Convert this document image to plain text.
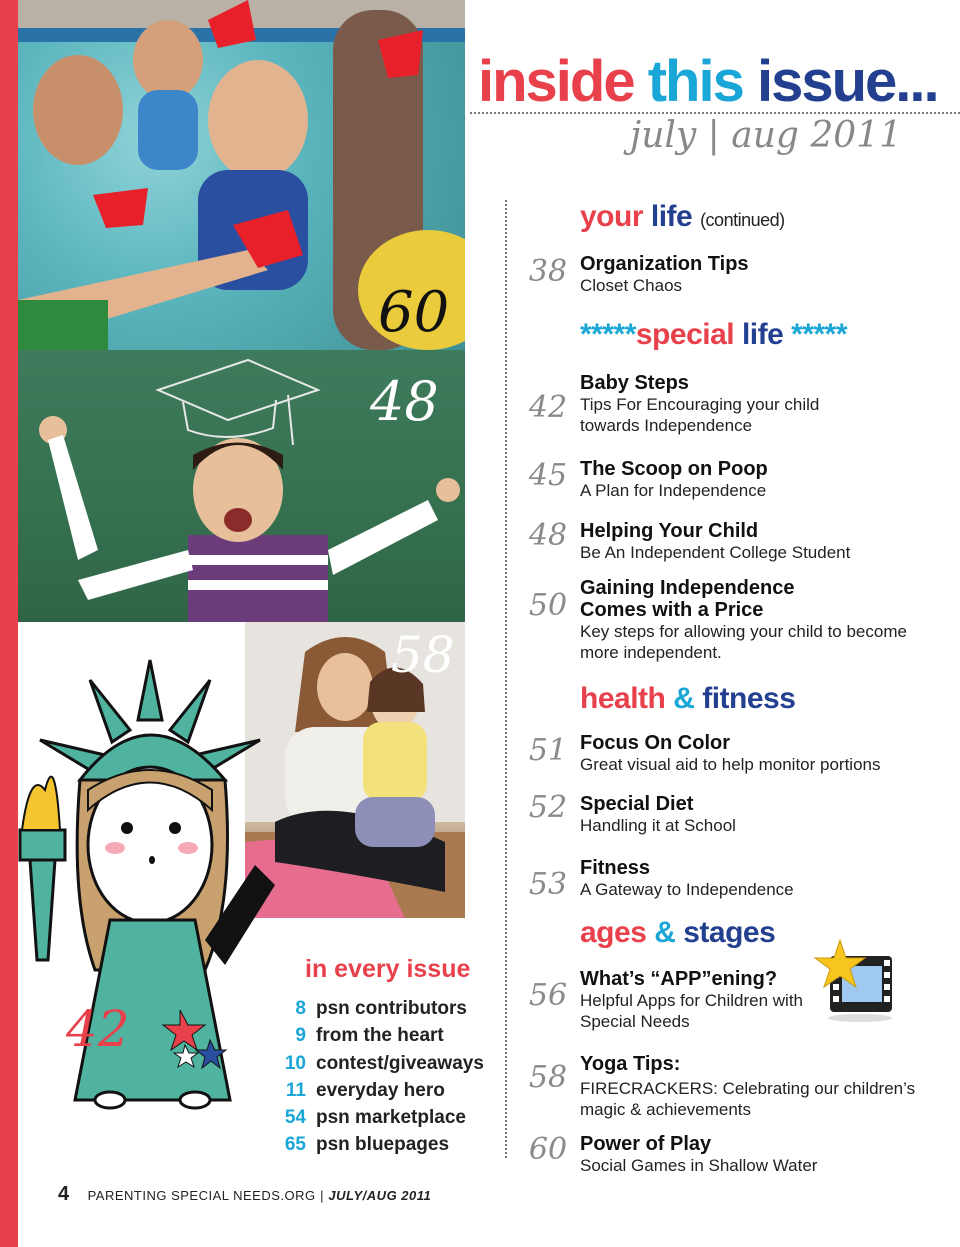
60
48
58
42
inside this issue...
july | aug 2011
your life (continued)
*****special life *****
health & fitness
ages & stages
38 Organization Tips
Closet Chaos
42
Baby Steps
Tips For Encouraging your child towards Independence
45 The Scoop on Poop
A Plan for Independence
48 Helping Your Child
Be An Independent College Student
50 Gaining Independence Comes with a Price
Key steps for allowing your child to become more independent.
51 Focus On Color
Great visual aid to help monitor portions
52 Special Diet
Handling it at School
53 Fitness
A Gateway to Independence
56 What’s “APP”ening?
Helpful Apps for Children with Special Needs
58 Yoga Tips:
FIRECRACKERS: Celebrating our children’s magic & achievements
60 Power of Play
Social Games in Shallow Water
in every issue
8 psn contributors
9 from the heart
10 contest/giveaways
11 everyday hero
54 psn marketplace
65 psn bluepages
4 PARENTING SPECIAL NEEDS.ORG | JULY/AUG 2011
